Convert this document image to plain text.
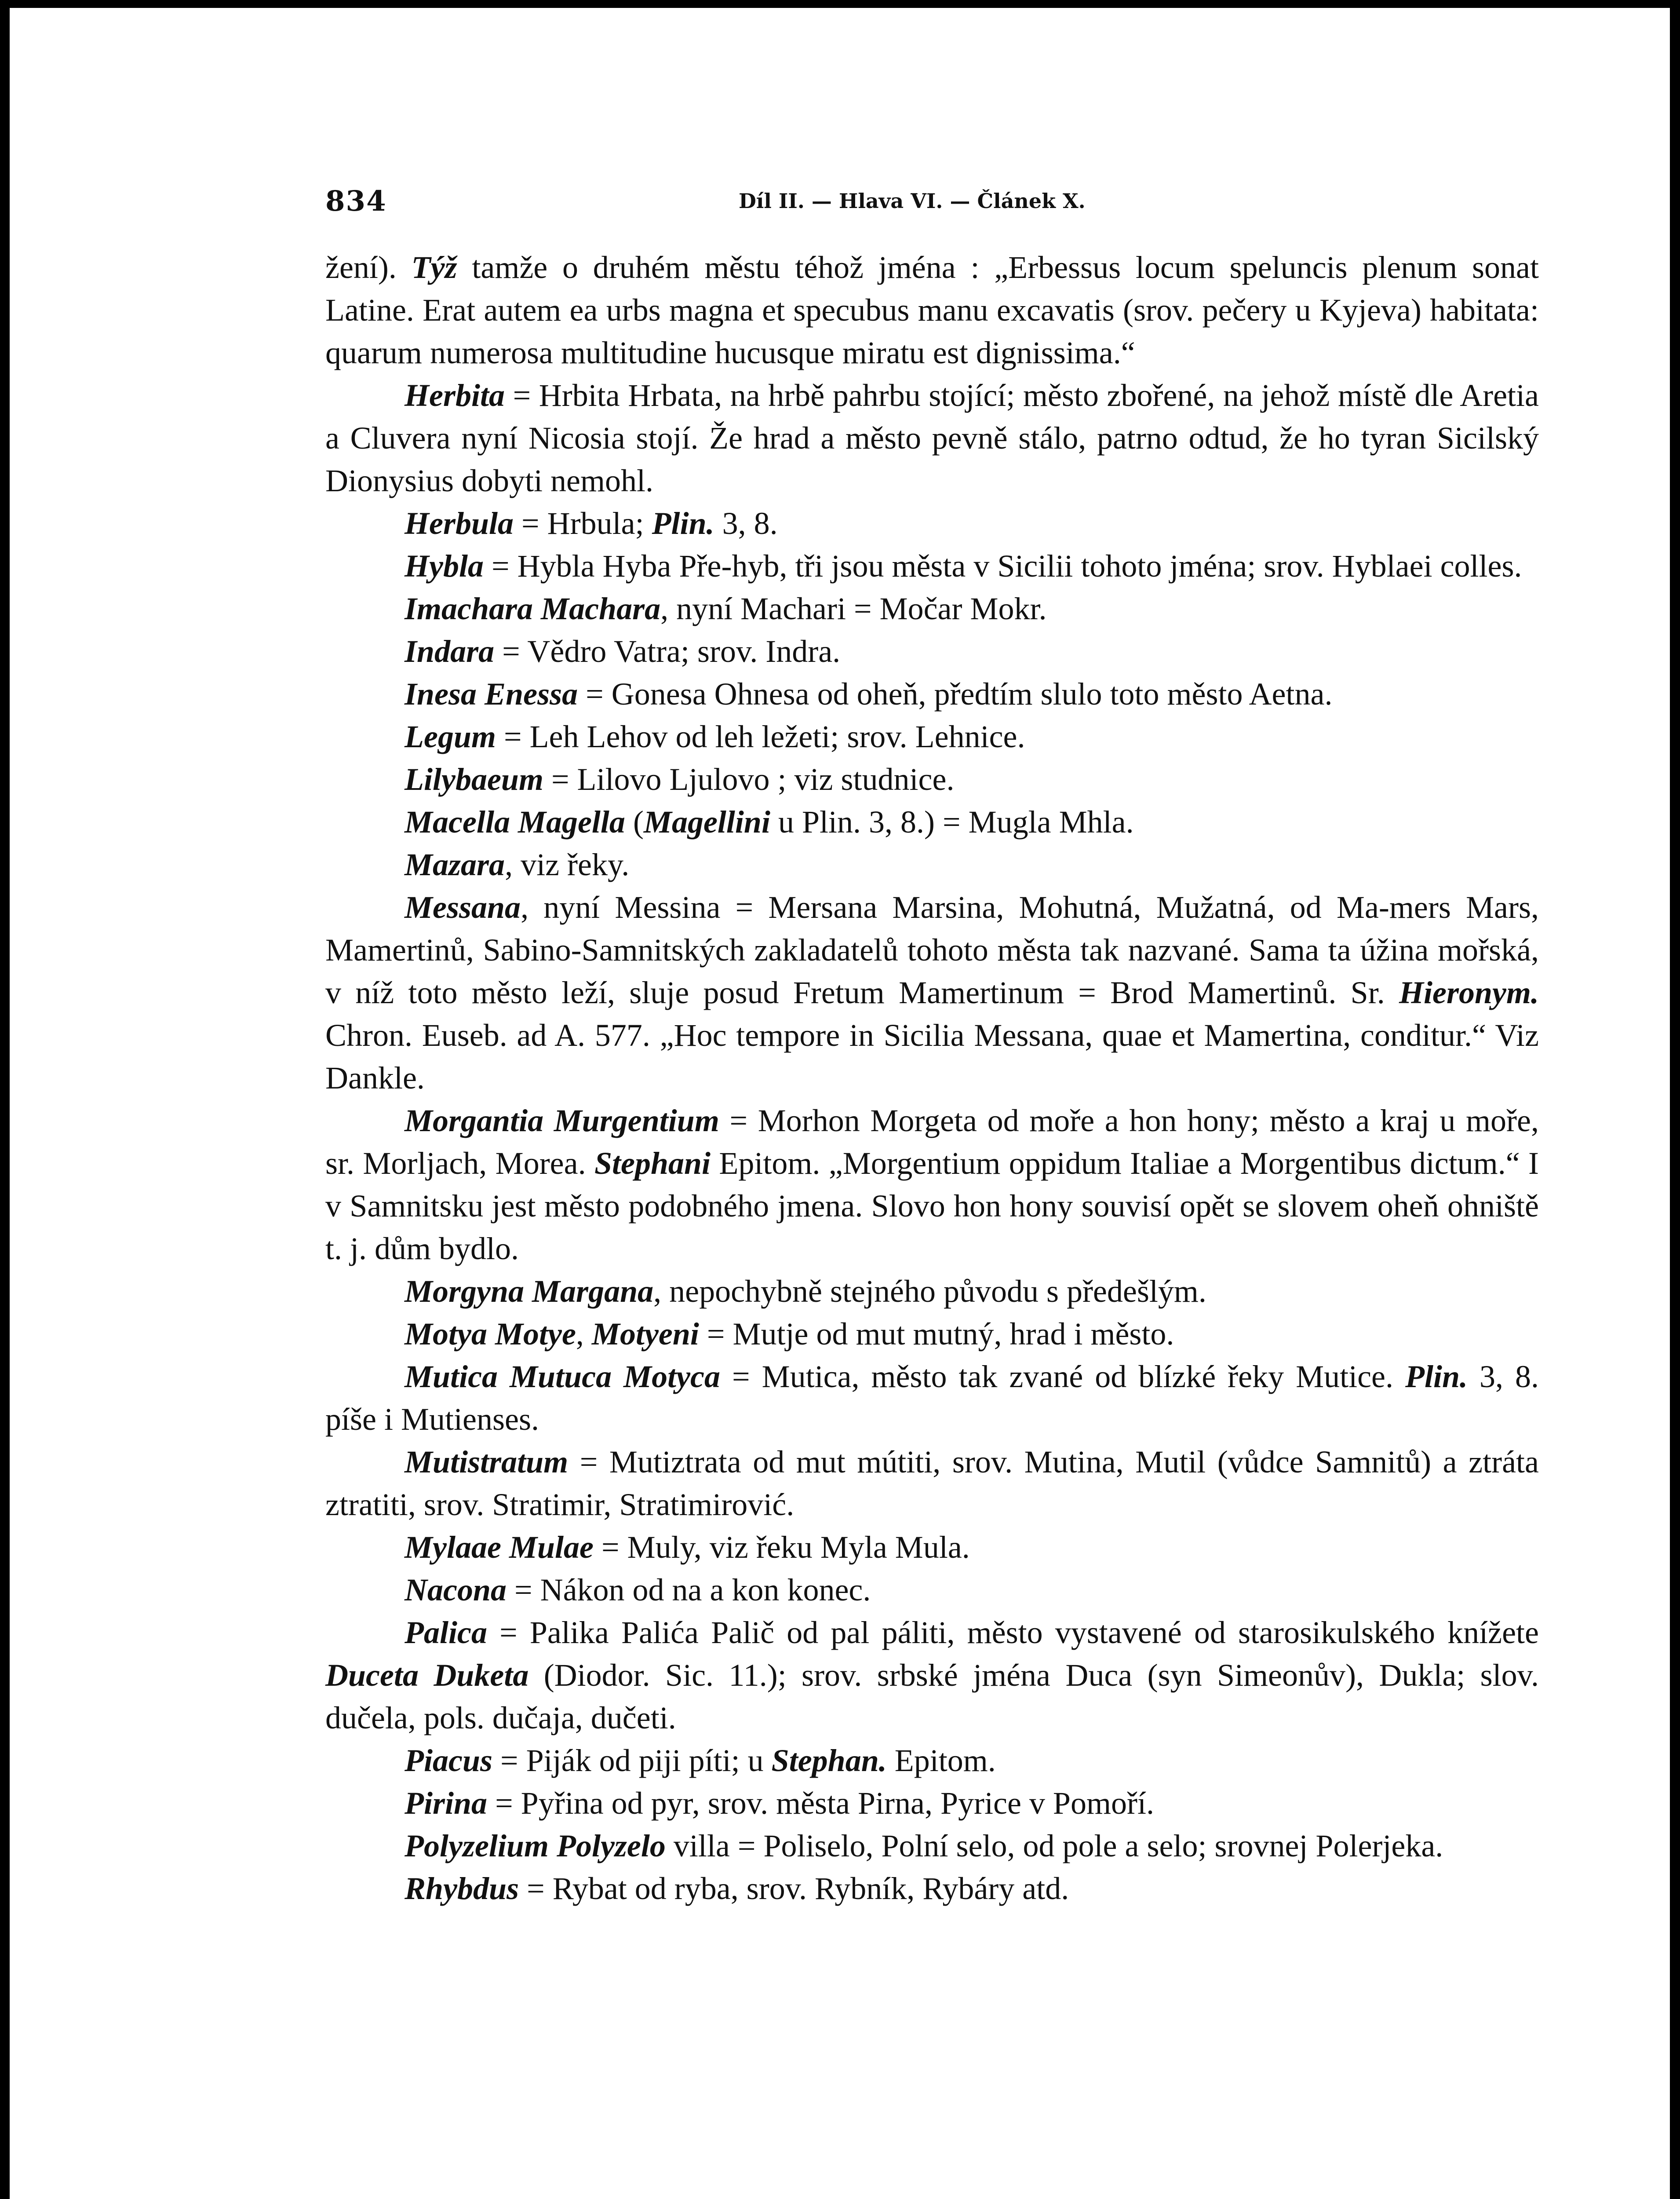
834	Díl II. — Hlava VI. — Článek X.

žení). Týž tamže o druhém městu téhož jména : „Erbessus locum speluncis plenum sonat Latine. Erat autem ea urbs magna et specubus manu excavatis (srov. pečery u Kyjeva) habitata: quarum numerosa multitudine hucusque miratu est dignissima.“

Herbita = Hrbita Hrbata, na hrbě pahrbu stojící; město zbořené, na jehož místě dle Aretia a Cluvera nyní Nicosia stojí. Že hrad a město pevně stálo, patrno odtud, že ho tyran Sicilský Dionysius dobyti nemohl.

Herbula = Hrbula; Plin. 3, 8.

Hybla = Hybla Hyba Pře-hyb, tři jsou města v Sicilii tohoto jména; srov. Hyblaei colles.

Imachara Machara, nyní Machari = Močar Mokr.

Indara = Vědro Vatra; srov. Indra.

Inesa Enessa = Gonesa Ohnesa od oheň, předtím slulo toto město Aetna.

Legum = Leh Lehov od leh ležeti; srov. Lehnice.

Lilybaeum = Lilovo Ljulovo ; viz studnice.

Macella Magella (Magellini u Plin. 3, 8.) = Mugla Mhla.

Mazara, viz řeky.

Messana, nyní Messina = Mersana Marsina, Mohutná, Mužatná, od Ma-mers Mars, Mamertinů, Sabino-Samnitských zakladatelů tohoto města tak nazvané. Sama ta úžina mořská, v níž toto město leží, sluje posud Fretum Mamertinum = Brod Mamertinů. Sr. Hieronym. Chron. Euseb. ad A. 577. „Hoc tempore in Sicilia Messana, quae et Mamertina, conditur.“ Viz Dankle.

Morgantia Murgentium = Morhon Morgeta od moře a hon hony; město a kraj u moře, sr. Morljach, Morea. Stephani Epitom. „Morgentium oppidum Italiae a Morgentibus dictum.“ I v Samnitsku jest město podobného jmena. Slovo hon hony souvisí opět se slovem oheň ohniště t. j. dům bydlo.

Morgyna Margana, nepochybně stejného původu s předešlým.

Motya Motye, Motyeni = Mutje od mut mutný, hrad i město.

Mutica Mutuca Motyca = Mutica, město tak zvané od blízké řeky Mutice. Plin. 3, 8. píše i Mutienses.

Mutistratum = Mutiztrata od mut mútiti, srov. Mutina, Mutil (vůdce Samnitů) a ztráta ztratiti, srov. Stratimir, Stratimirović.

Mylaae Mulae = Muly, viz řeku Myla Mula.

Nacona = Nákon od na a kon konec.

Palica = Palika Palića Palič od pal páliti, město vystavené od starosikulského knížete Duceta Duketa (Diodor. Sic. 11.); srov. srbské jména Duca (syn Simeonův), Dukla; slov. dučela, pols. dučaja, dučeti.

Piacus = Piják od piji píti; u Stephan. Epitom.

Pirina = Pyřina od pyr, srov. města Pirna, Pyrice v Pomoří.

Polyzelium Polyzelo villa = Poliselo, Polní selo, od pole a selo; srovnej Polerjeka.

Rhybdus = Rybat od ryba, srov. Rybník, Rybáry atd.
